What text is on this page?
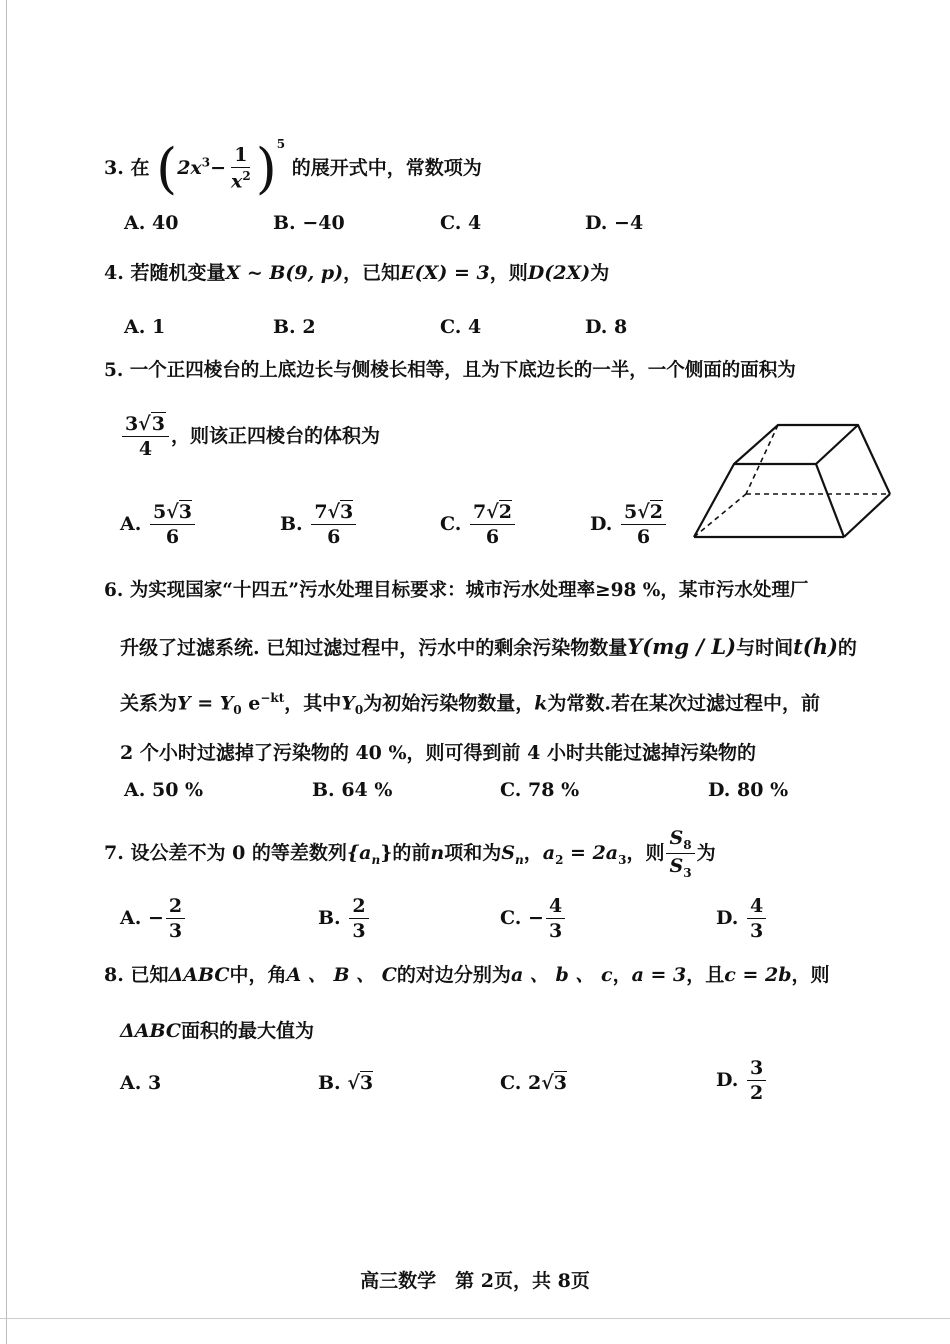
3. 在 $(2x^3- \frac{1}{x^2} )^5$ 的展开式中，常数项为
A. 40	B. −40	C. 4	D. −4
4. 若随机变量X ~ B(9, p)，已知E(X) = 3，则D(2X)为
A. 1	B. 2	C. 4	D. 8
5. 一个正四棱台的上底边长与侧棱长相等，且为下底边长的一半，一个侧面的面积为
$\frac{3√3}{4}$ ，则该正四棱台的体积为
A. $\frac{5√3}{6}$	B. $\frac{7√3}{6}$	C. $\frac{7√2}{6}$	D. $\frac{5√2}{6}$
6. 为实现国家“十四五”污水处理目标要求：城市污水处理率≥98 %，某市污水处理厂
升级了过滤系统. 已知过滤过程中，污水中的剩余污染物数量Y(mg / L)与时间t(h)的
关系为$Y = Y_0$ $e^{-kt}$，其中$Y_0$为初始污染物数量，k为常数.若在某次过滤过程中，前
2 个小时过滤掉了污染物的 40 %，则可得到前 4 小时共能过滤掉污染物的
A. 50 %	B. 64 %	C. 78 %	D. 80 %
7. 设公差不为 0 的等差数列$\{a_n\}$的前n项和为$S_n$，$a_2 = 2a_3$，则 $\frac{S_8}{S_3}$ 为
A. − $\frac{2}{3}$	B. $\frac{2}{3}$	C. − $\frac{4}{3}$	D. $\frac{4}{3}$
8. 已知ΔABC中，角A 、 B 、 C的对边分别为a 、 b 、 c，a = 3，且c = 2b，则
ΔABC面积的最大值为
A. 3	B. √3	C. 2√3	D. $\frac{3}{2}$
高三数学　第 2页，共 8页
